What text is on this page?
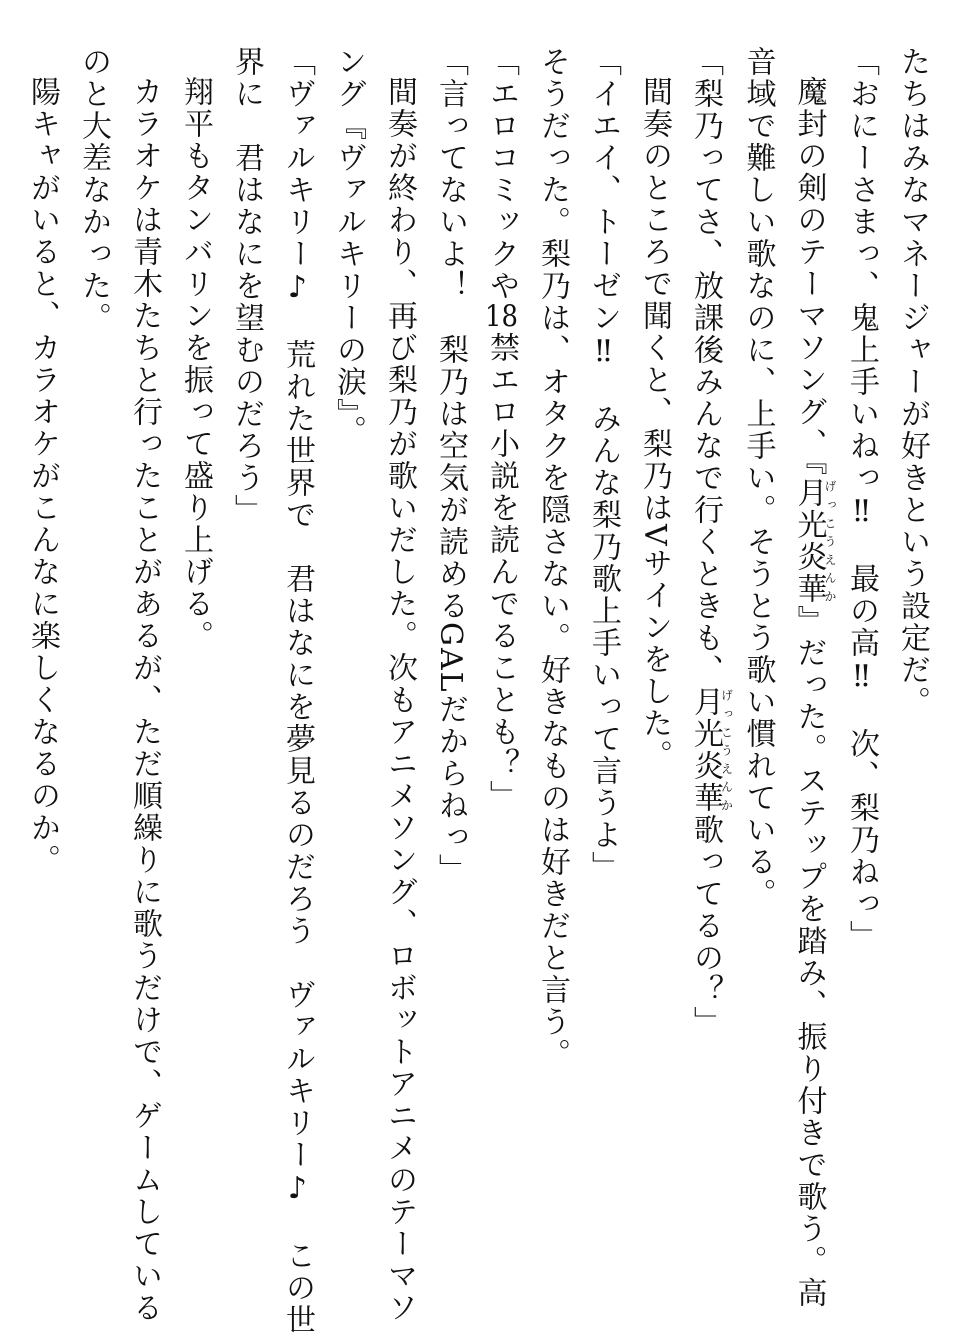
たちはみなマネージャーが好きという設定だ。
「おにーさまっ、鬼上手いねっ‼　最の高‼　次、梨乃ねっ」
魔封の剣のテーマソング、『月光炎華げっこうえんか』だった。ステップを踏み、振り付きで歌う。高
音域で難しい歌なのに、上手い。そうとう歌い慣れている。
「梨乃ってさ、放課後みんなで行くときも、月光炎華げっこうえんか歌ってるの？」
間奏のところで聞くと、梨乃はVサインをした。
「イエイ、トーゼン‼　みんな梨乃歌上手いって言うよ」
そうだった。梨乃は、オタクを隠さない。好きなものは好きだと言う。
「エロコミックや18禁エロ小説を読んでることも？」
「言ってないよ！　梨乃は空気が読めるGALだからねっ」
間奏が終わり、再び梨乃が歌いだした。次もアニメソング、ロボットアニメのテーマソ
ング『ヴァルキリーの涙』。
「ヴァルキリー♪　荒れた世界で　君はなにを夢見るのだろう　ヴァルキリー♪　この世
界に　君はなにを望むのだろう」
翔平もタンバリンを振って盛り上げる。
カラオケは青木たちと行ったことがあるが、ただ順繰りに歌うだけで、ゲームしている
のと大差なかった。
陽キャがいると、カラオケがこんなに楽しくなるのか。
